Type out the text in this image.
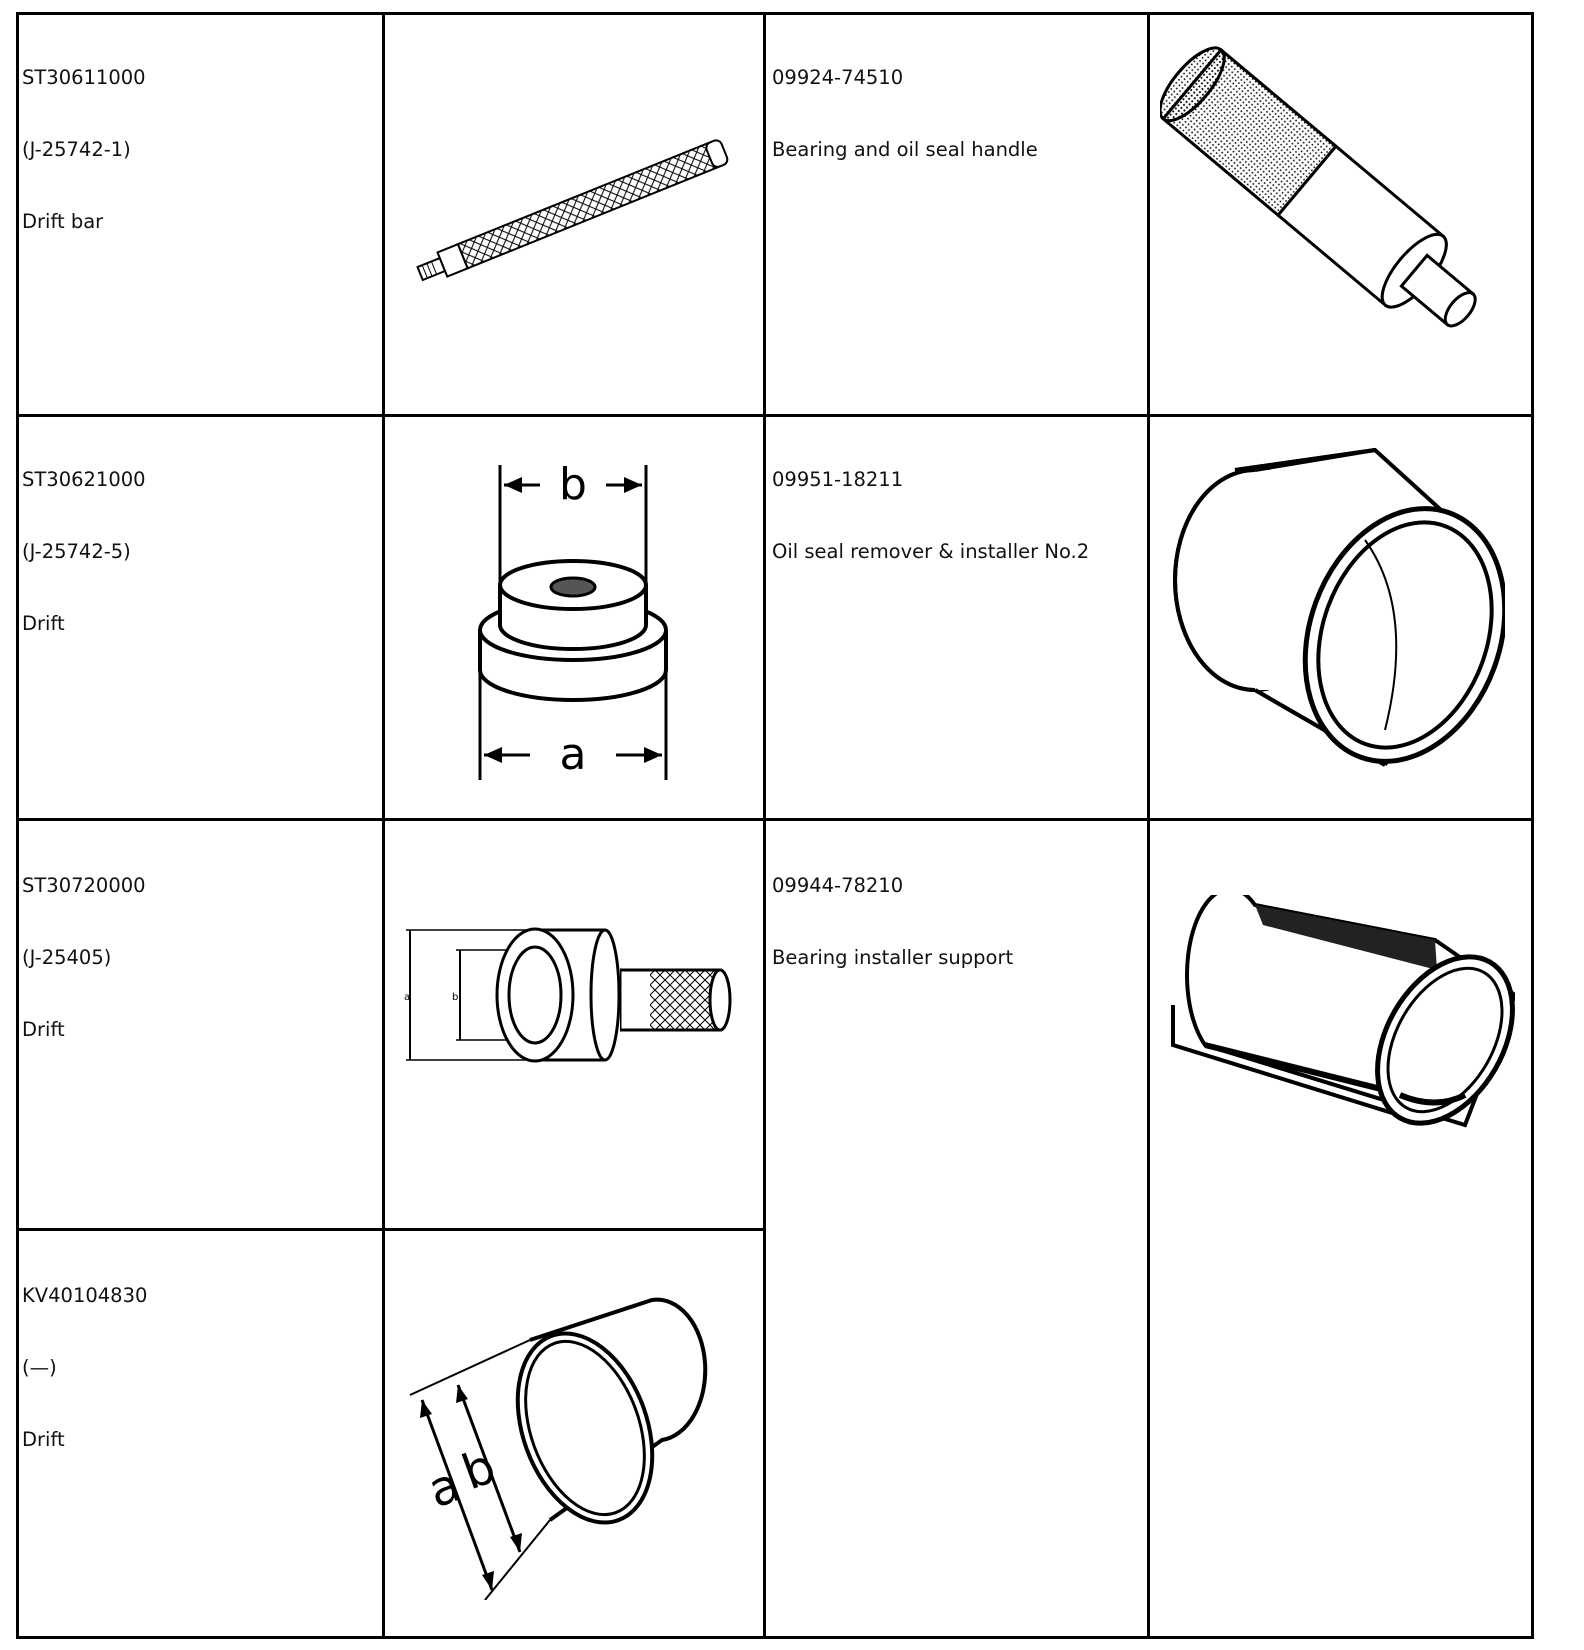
ST30611000

(J-25742-1)

Drift bar

09924-74510

Bearing and oil seal handle

ST30621000

(J-25742-5)

Drift

09951-18211

Oil seal remover & installer No.2

ST30720000

(J-25405)

Drift

09944-78210

Bearing installer support

KV40104830

(—)

Drift

b
a
a	b
a
b
